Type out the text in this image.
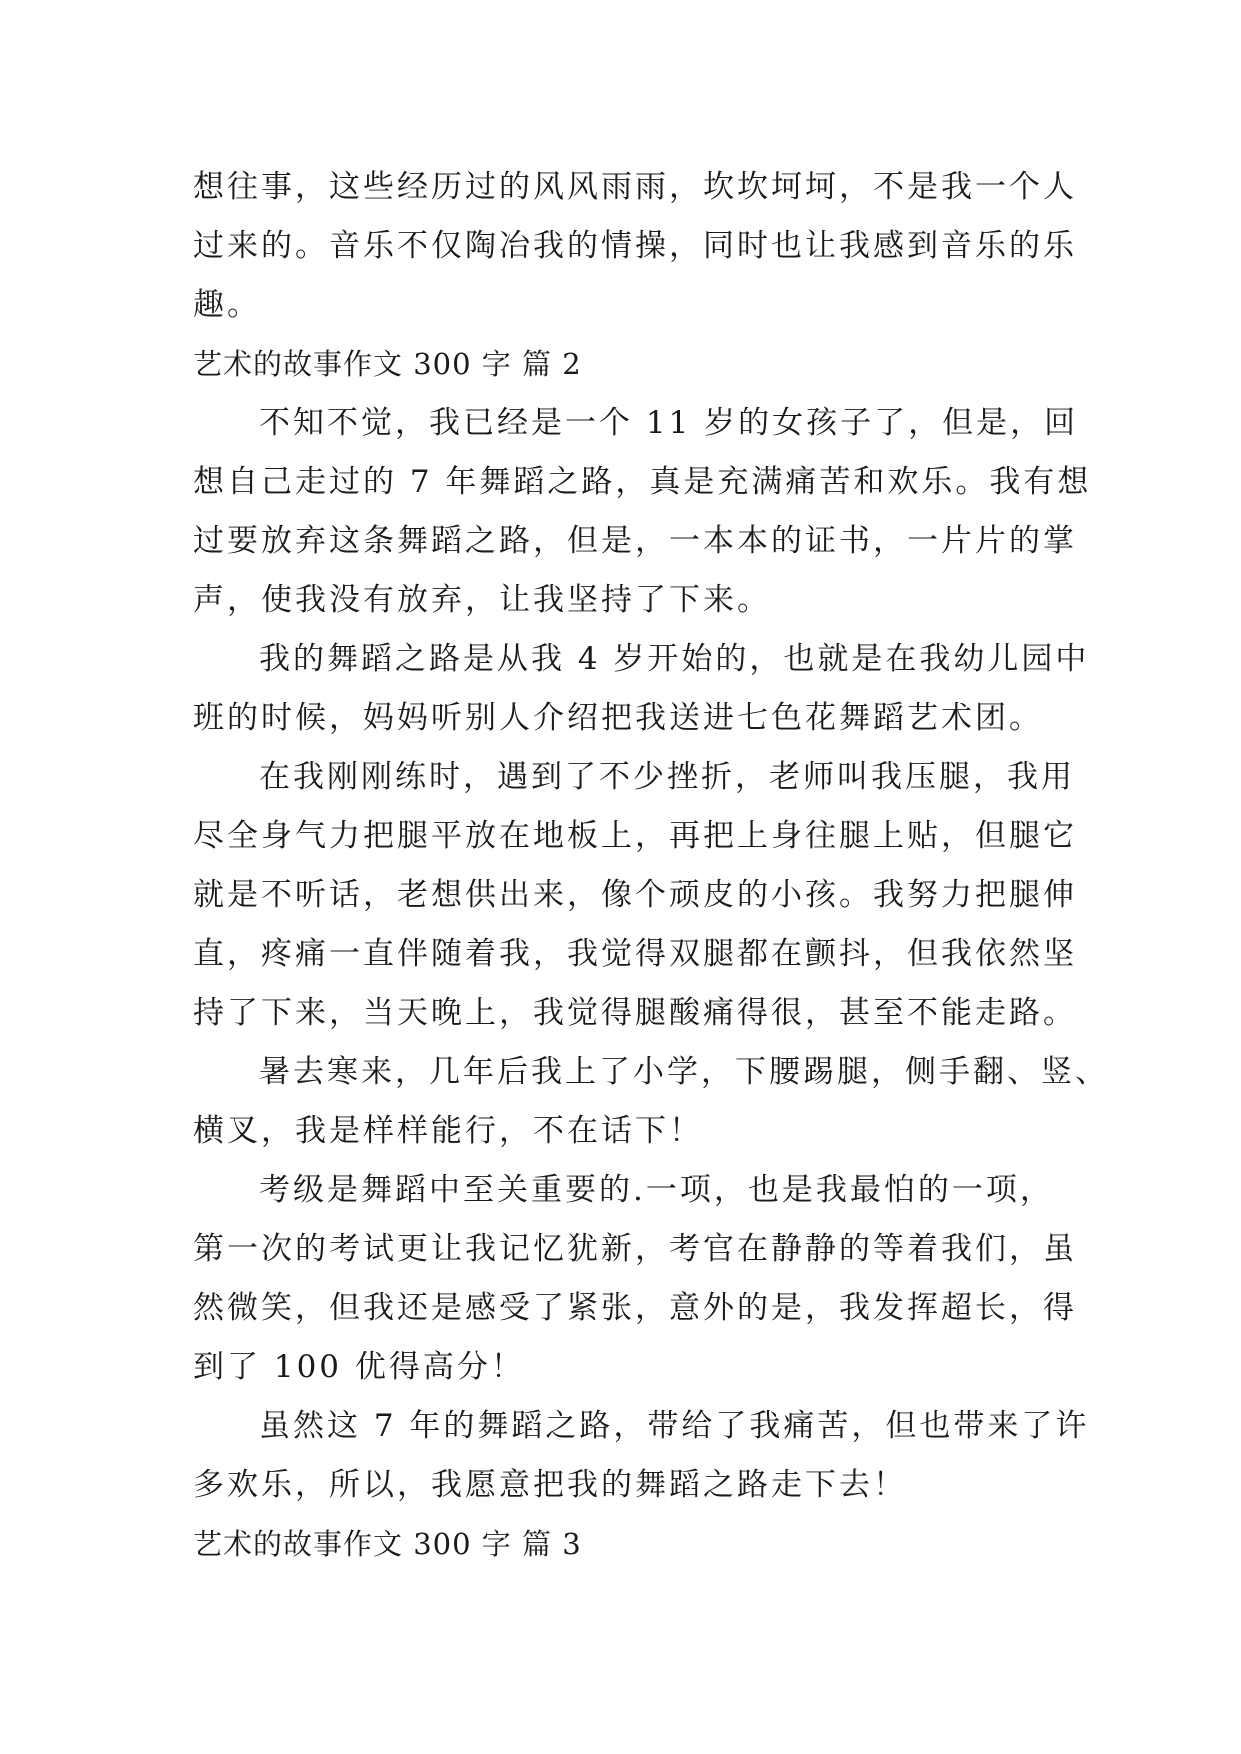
想往事，这些经历过的风风雨雨，坎坎坷坷，不是我一个人
过来的。音乐不仅陶冶我的情操，同时也让我感到音乐的乐
趣。
艺术的故事作文 300 字 篇 2
不知不觉，我已经是一个 11 岁的女孩子了，但是，回
想自己走过的 7 年舞蹈之路，真是充满痛苦和欢乐。我有想
过要放弃这条舞蹈之路，但是，一本本的证书，一片片的掌
声，使我没有放弃，让我坚持了下来。
我的舞蹈之路是从我 4 岁开始的，也就是在我幼儿园中
班的时候，妈妈听别人介绍把我送进七色花舞蹈艺术团。
在我刚刚练时，遇到了不少挫折，老师叫我压腿，我用
尽全身气力把腿平放在地板上，再把上身往腿上贴，但腿它
就是不听话，老想供出来，像个顽皮的小孩。我努力把腿伸
直，疼痛一直伴随着我，我觉得双腿都在颤抖，但我依然坚
持了下来，当天晚上，我觉得腿酸痛得很，甚至不能走路。
暑去寒来，几年后我上了小学，下腰踢腿，侧手翻、竖、
横叉，我是样样能行，不在话下！
考级是舞蹈中至关重要的.一项，也是我最怕的一项，
第一次的考试更让我记忆犹新，考官在静静的等着我们，虽
然微笑，但我还是感受了紧张，意外的是，我发挥超长，得
到了 100 优得高分！
虽然这 7 年的舞蹈之路，带给了我痛苦，但也带来了许
多欢乐，所以，我愿意把我的舞蹈之路走下去！
艺术的故事作文 300 字 篇 3
